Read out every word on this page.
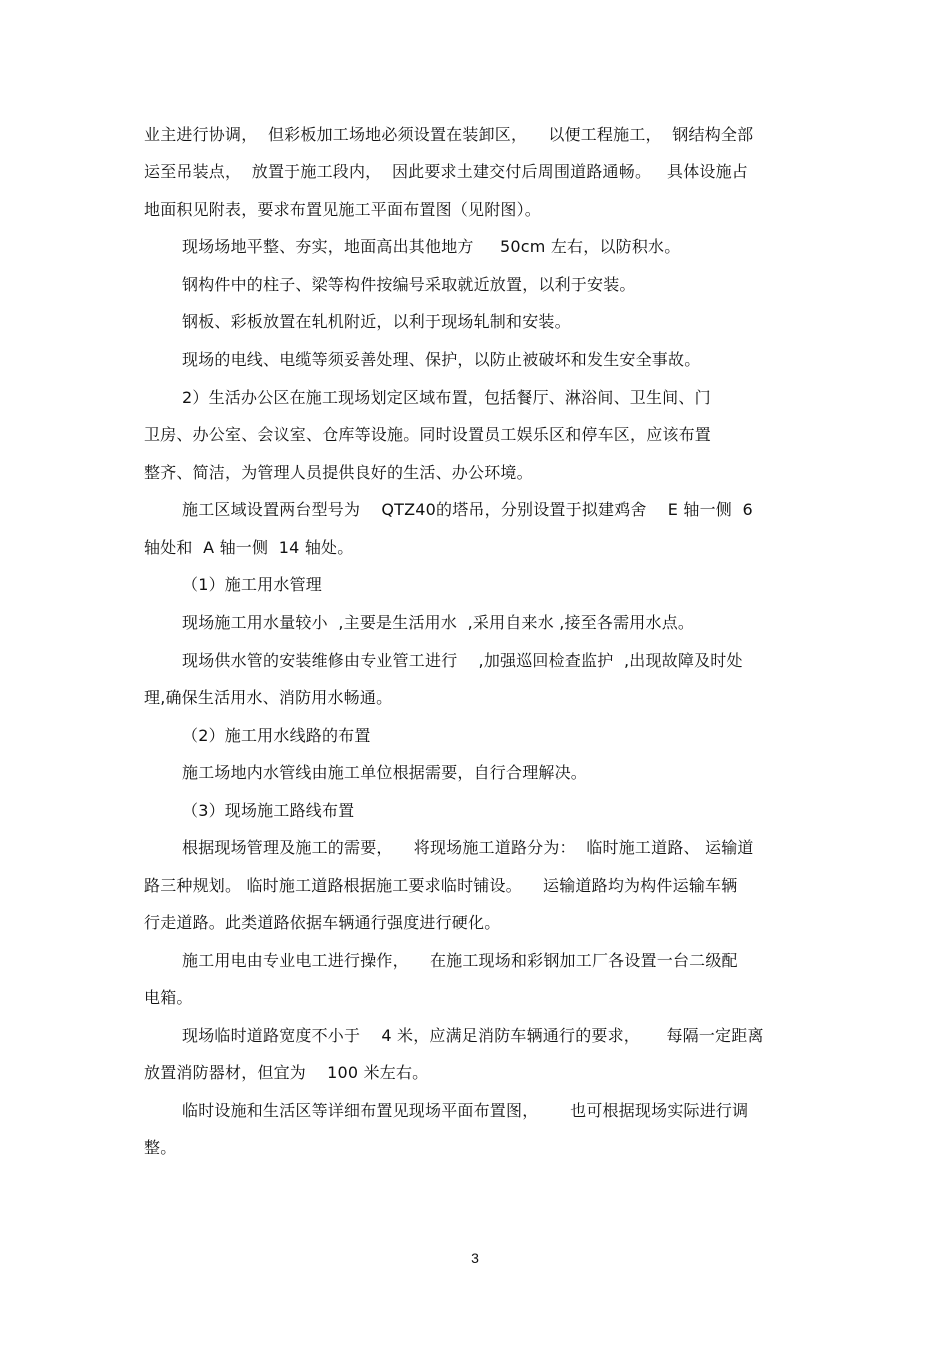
业主进行协调，  但彩板加工场地必须设置在装卸区，    以便工程施工，  钢结构全部
运至吊装点，  放置于施工段内，  因此要求土建交付后周围道路通畅。   具体设施占
地面积见附表，要求布置见施工平面布置图（见附图）。
现场场地平整、夯实，地面高出其他地方     50cm 左右，以防积水。
钢构件中的柱子、梁等构件按编号采取就近放置，以利于安装。
钢板、彩板放置在轧机附近，以利于现场轧制和安装。
现场的电线、电缆等须妥善处理、保护，以防止被破坏和发生安全事故。
2）生活办公区在施工现场划定区域布置，包括餐厅、淋浴间、卫生间、门
卫房、办公室、会议室、仓库等设施。同时设置员工娱乐区和停车区，应该布置
整齐、简洁，为管理人员提供良好的生活、办公环境。
施工区域设置两台型号为    QTZ40的塔吊，分别设置于拟建鸡舍    E 轴一侧  6
轴处和  A 轴一侧  14 轴处。
（1）施工用水管理
现场施工用水量较小  ,主要是生活用水  ,采用自来水 ,接至各需用水点。
现场供水管的安装维修由专业管工进行    ,加强巡回检查监护  ,出现故障及时处
理,确保生活用水、消防用水畅通。
（2）施工用水线路的布置
施工场地内水管线由施工单位根据需要，自行合理解决。
（3）现场施工路线布置
根据现场管理及施工的需要，    将现场施工道路分为：  临时施工道路、 运输道
路三种规划。 临时施工道路根据施工要求临时铺设。    运输道路均为构件运输车辆
行走道路。此类道路依据车辆通行强度进行硬化。
施工用电由专业电工进行操作，    在施工现场和彩钢加工厂各设置一台二级配
电箱。
现场临时道路宽度不小于    4 米，应满足消防车辆通行的要求，     每隔一定距离
放置消防器材，但宜为    100 米左右。
临时设施和生活区等详细布置见现场平面布置图，      也可根据现场实际进行调
整。
3
